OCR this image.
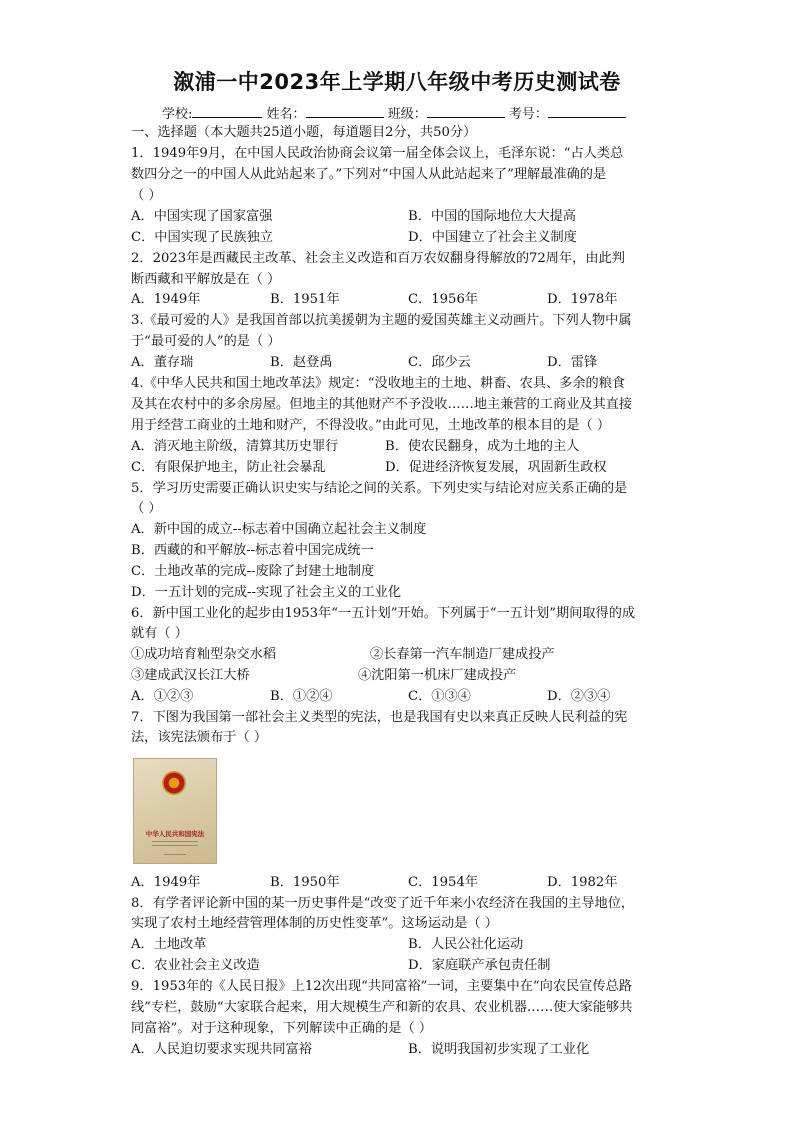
溆浦一中2023年上学期八年级中考历史测试卷
学校:	姓名：	班级：	考号：
一、选择题（本大题共25道小题，每道题目2分，共50分）
1．1949年9月，在中国人民政治协商会议第一届全体会议上，毛泽东说：“占人类总
数四分之一的中国人从此站起来了。”下列对“中国人从此站起来了”理解最准确的是
（ ）
A．中国实现了国家富强	B．中国的国际地位大大提高
C．中国实现了民族独立	D．中国建立了社会主义制度
2．2023年是西藏民主改革、社会主义改造和百万农奴翻身得解放的72周年，由此判
断西藏和平解放是在（ ）
A．1949年	B．1951年	C．1956年	D．1978年
3.《最可爱的人》是我国首部以抗美援朝为主题的爱国英雄主义动画片。下列人物中属
于“最可爱的人”的是（ ）
A．董存瑞	B．赵登禹	C．邱少云	D．雷锋
4.《中华人民共和国土地改革法》规定：“没收地主的土地、耕畜、农具、多余的粮食
及其在农村中的多余房屋。但地主的其他财产不予没收……地主兼营的工商业及其直接
用于经营工商业的土地和财产，不得没收。”由此可见，土地改革的根本目的是（ ）
A．消灭地主阶级，清算其历史罪行	B．使农民翻身，成为土地的主人
C．有限保护地主，防止社会暴乱	D．促进经济恢复发展，巩固新生政权
5．学习历史需要正确认识史实与结论之间的关系。下列史实与结论对应关系正确的是
（ ）
A．新中国的成立--标志着中国确立起社会主义制度
B．西藏的和平解放--标志着中国完成统一
C．土地改革的完成--废除了封建土地制度
D．一五计划的完成--实现了社会主义的工业化
6．新中国工业化的起步由1953年“一五计划”开始。下列属于“一五计划”期间取得的成
就有（ ）
①成功培育籼型杂交水稻	②长春第一汽车制造厂建成投产
③建成武汉长江大桥	④沈阳第一机床厂建成投产
A．①②③	B．①②④	C．①③④	D．②③④
7．下图为我国第一部社会主义类型的宪法，也是我国有史以来真正反映人民利益的宪
法，该宪法颁布于（ ）
中华人民共和国宪法
A．1949年	B．1950年	C．1954年	D．1982年
8．有学者评论新中国的某一历史事件是“改变了近千年来小农经济在我国的主导地位，
实现了农村土地经营管理体制的历史性变革”。这场运动是（ ）
A．土地改革	B．人民公社化运动
C．农业社会主义改造	D．家庭联产承包责任制
9．1953年的《人民日报》上12次出现“共同富裕”一词，主要集中在“向农民宣传总路
线”专栏，鼓励“大家联合起来，用大规模生产和新的农具、农业机器……使大家能够共
同富裕”。对于这种现象，下列解读中正确的是（ ）
A．人民迫切要求实现共同富裕	B．说明我国初步实现了工业化
